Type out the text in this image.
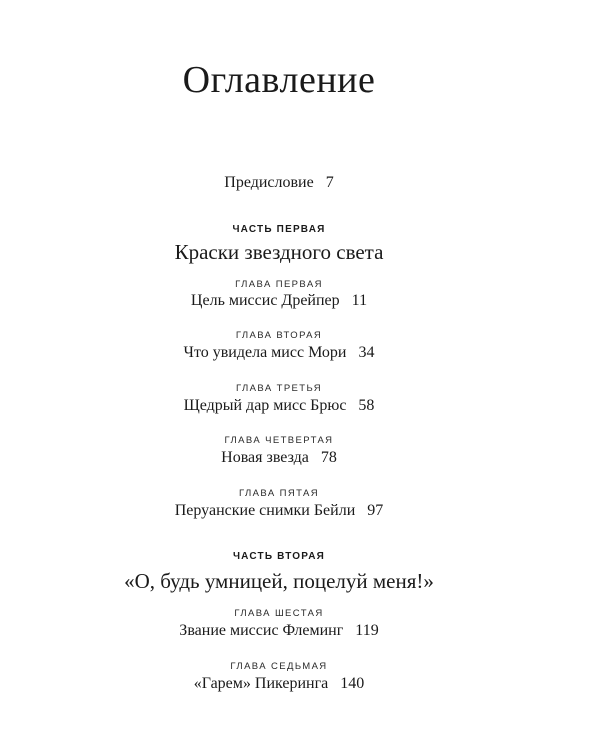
Оглавление
Предисловие 7
ЧАСТЬ ПЕРВАЯ
Краски звездного света
ГЛАВА ПЕРВАЯ
Цель миссис Дрейпер 11
ГЛАВА ВТОРАЯ
Что увидела мисс Мори 34
ГЛАВА ТРЕТЬЯ
Щедрый дар мисс Брюс 58
ГЛАВА ЧЕТВЕРТАЯ
Новая звезда 78
ГЛАВА ПЯТАЯ
Перуанские снимки Бейли 97
ЧАСТЬ ВТОРАЯ
«О, будь умницей, поцелуй меня!»
ГЛАВА ШЕСТАЯ
Звание миссис Флеминг 119
ГЛАВА СЕДЬМАЯ
«Гарем» Пикеринга 140
